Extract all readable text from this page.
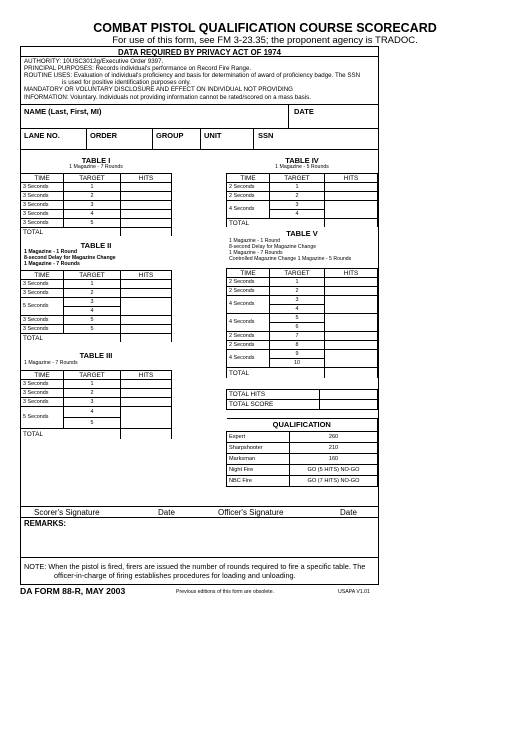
COMBAT PISTOL QUALIFICATION COURSE SCORECARD
For use of this form, see FM 3-23.35; the proponent agency is TRADOC.
DATA REQUIRED BY PRIVACY ACT OF 1974
AUTHORITY: 10USC3012g/Executive Order 9397.
PRINCIPAL PURPOSES: Records individual's performance on Record Fire Range.
ROUTINE USES: Evaluation of individual's proficiency and basis for determination of award of proficiency badge. The SSN
is used for positive identification purposes only.
MANDATORY OR VOLUNTARY DISCLOSURE AND EFFECT ON INDIVIDUAL NOT PROVIDING
INFORMATION: Voluntary. Individuals not providing information cannot be rated/scored on a mass basis.
NAME (Last, First, MI)	DATE
LANE NO.	ORDER	GROUP	UNIT	SSN
TABLE I
1 Magazine - 7 Rounds
TIME	TARGET	HITS
3 Seconds	1	
3 Seconds	2	
3 Seconds	3	
3 Seconds	4	
3 Seconds	5	
TOTAL		
TABLE II
1 Magazine - 1 Round
8-second Delay for Magazine Change
1 Magazine - 7 Rounds
TIME	TARGET	HITS
3 Seconds	1	
3 Seconds	2	
5 Seconds	3	
	4	
3 Seconds	5	
3 Seconds	5	
TOTAL		
TABLE III
1 Magazine - 7 Rounds
TIME	TARGET	HITS
3 Seconds	1	
3 Seconds	2	
3 Seconds	3	
5 Seconds	4	
	5	
TOTAL		
TABLE IV
1 Magazine - 5 Rounds
TIME	TARGET	HITS
2 Seconds	1	
2 Seconds	2	
4 Seconds	3	
	4	
TOTAL		
TABLE V
1 Magazine - 1 Round
8-second Delay for Magazine Change
1 Magazine - 7 Rounds
Controlled Magazine Change 1 Magazine - 5 Rounds
TIME	TARGET	HITS
2 Seconds	1	
2 Seconds	2	
4 Seconds	3	
	4	
4 Seconds	5	
	6	
2 Seconds	7	
2 Seconds	8	
4 Seconds	9	
	10	
TOTAL		
TOTAL HITS	
TOTAL SCORE	
QUALIFICATION	
Expert	260
Sharpshooter	210
Marksman	160
Night Fire	GO (5 HITS) NO-GO
NBC Fire	GO (7 HITS) NO-GO
Scorer's Signature	Date	Officer's Signature	Date
REMARKS:
NOTE: When the pistol is fired, firers are issued the number of rounds required to fire a specific table. The
officer-in-charge of firing establishes procedures for loading and unloading.
DA FORM 88-R, MAY 2003	Previous editions of this form are obsolete.	USAPA V1.01
